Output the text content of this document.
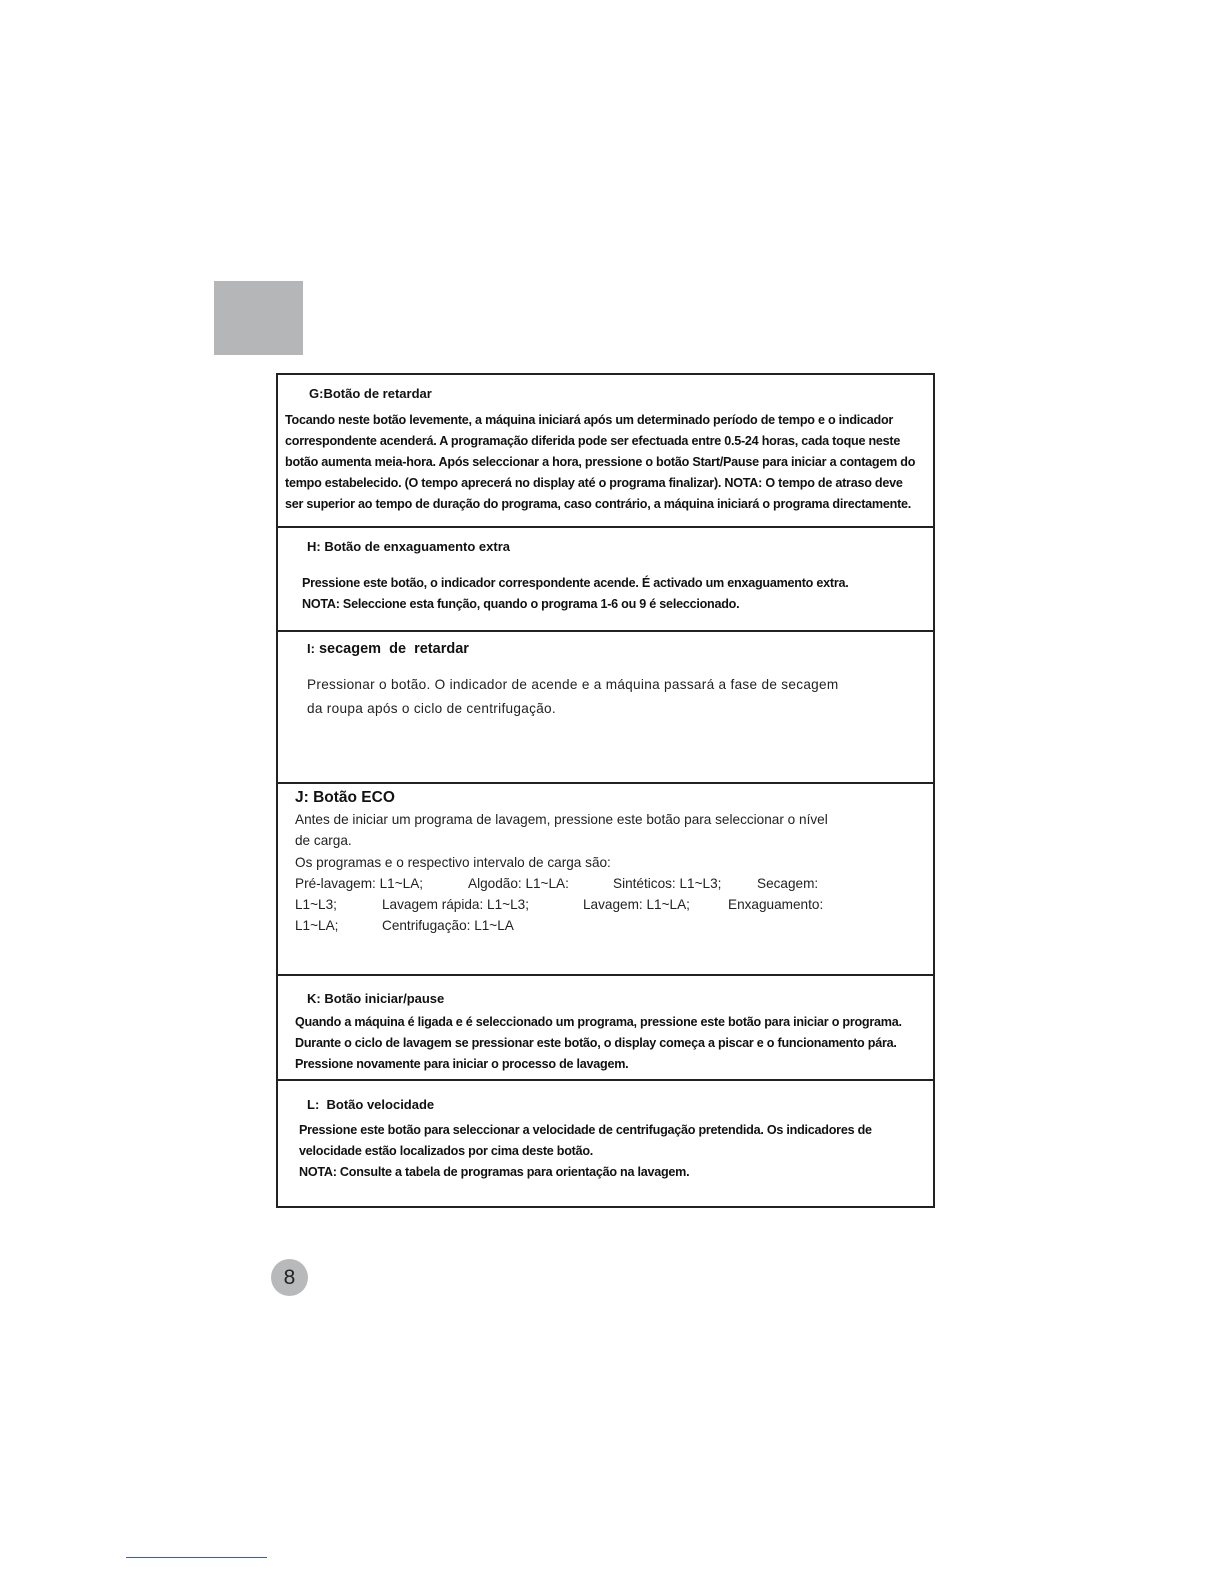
G:Botão de retardar
Tocando neste botão levemente, a máquina iniciará após um determinado período de tempo e o indicador
correspondente acenderá. A programação diferida pode ser efectuada entre 0.5-24 horas, cada toque neste
botão aumenta meia-hora. Após seleccionar a hora, pressione o botão Start/Pause para iniciar a contagem do
tempo estabelecido. (O tempo aprecerá no display até o programa finalizar). NOTA: O tempo de atraso deve
ser superior ao tempo de duração do programa, caso contrário, a máquina iniciará o programa directamente.
H: Botão de enxaguamento extra
Pressione este botão, o indicador correspondente acende. É activado um enxaguamento extra.
NOTA: Seleccione esta função, quando o programa 1-6 ou 9 é seleccionado.
I: secagem  de  retardar
Pressionar o botão. O indicador de acende e a máquina passará a fase de secagem
da roupa após o ciclo de centrifugação.
J: Botão ECO
Antes de iniciar um programa de lavagem, pressione este botão para seleccionar o nível
de carga.
Os programas e o respectivo intervalo de carga são:
Pré-lavagem: L1~LA;	Algodão: L1~LA:	Sintéticos: L1~L3;	Secagem:
L1~L3;	Lavagem rápida: L1~L3;	Lavagem: L1~LA;	Enxaguamento:
L1~LA;	Centrifugação: L1~LA
K: Botão iniciar/pause
Quando a máquina é ligada e é seleccionado um programa, pressione este botão para iniciar o programa.
Durante o ciclo de lavagem se pressionar este botão, o display começa a piscar e o funcionamento pára.
Pressione novamente para iniciar o processo de lavagem.
L: Botão velocidade
Pressione este botão para seleccionar a velocidade de centrifugação pretendida. Os indicadores de
velocidade estão localizados por cima deste botão.
NOTA: Consulte a tabela de programas para orientação na lavagem.
8
